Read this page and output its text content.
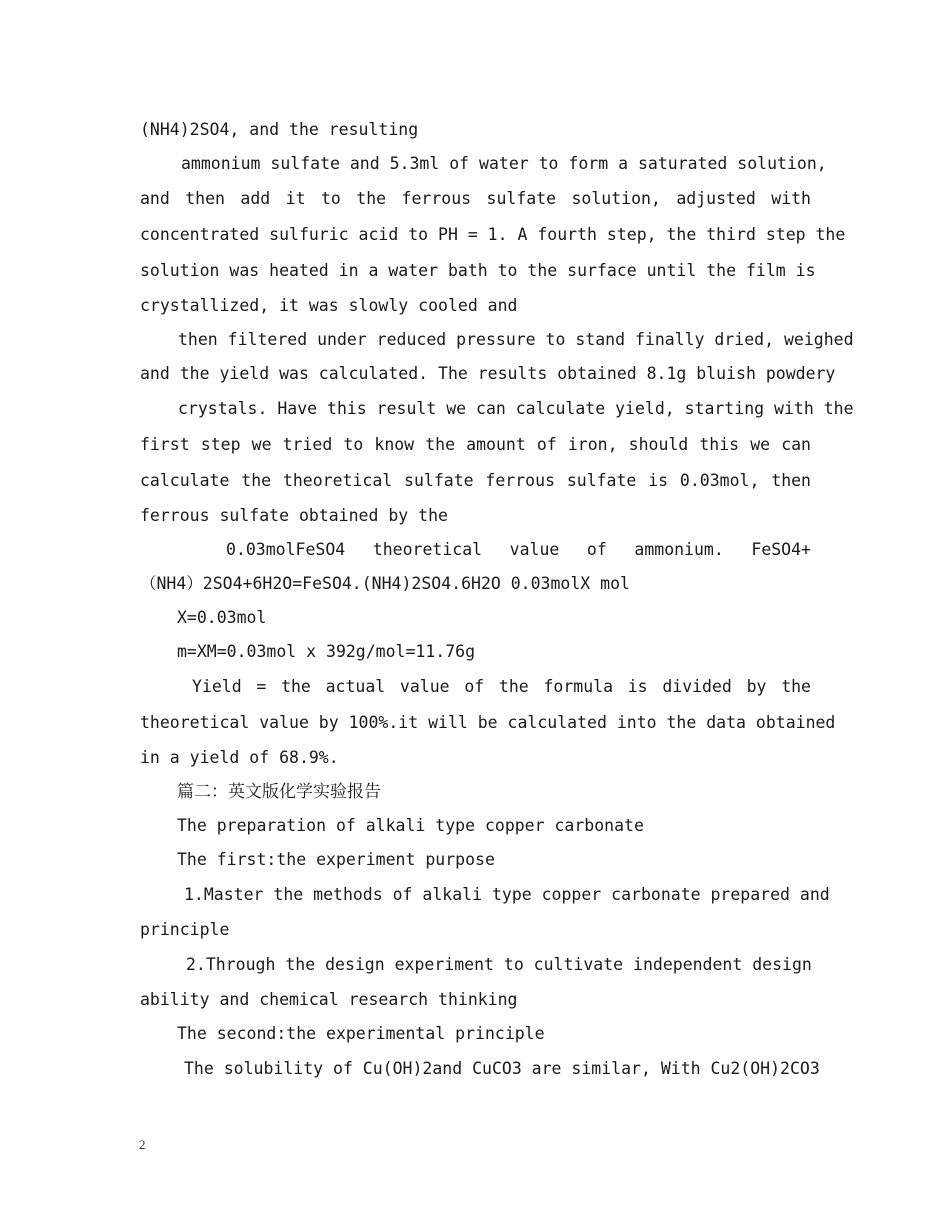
(NH4)2SO4, and the resulting
ammonium sulfate and 5.3ml of water to form a saturated solution,
and then add it to the ferrous sulfate solution, adjusted with
concentrated sulfuric acid to PH = 1. A fourth step, the third step the
solution was heated in a water bath to the surface until the film is
crystallized, it was slowly cooled and
then filtered under reduced pressure to stand finally dried, weighed
and the yield was calculated. The results obtained 8.1g bluish powdery
crystals. Have this result we can calculate yield, starting with the
first step we tried to know the amount of iron, should this we can
calculate the theoretical sulfate ferrous sulfate is 0.03mol, then
ferrous sulfate obtained by the
0.03molFeSO4 theoretical value of ammonium. FeSO4+
（NH4）2SO4+6H2O=FeSO4.(NH4)2SO4.6H2O 0.03molX mol
X=0.03mol
m=XM=0.03mol x 392g/mol=11.76g
Yield = the actual value of the formula is divided by the
theoretical value by 100%.it will be calculated into the data obtained
in a yield of 68.9%.
篇二：英文版化学实验报告
The preparation of alkali type copper carbonate
The first:the experiment purpose
1.Master the methods of alkali type copper carbonate prepared and
principle
2.Through the design experiment to cultivate independent design
ability and chemical research thinking
The second:the experimental principle
The solubility of Cu(OH)2and CuCO3 are similar, With Cu2(OH)2CO3
2
